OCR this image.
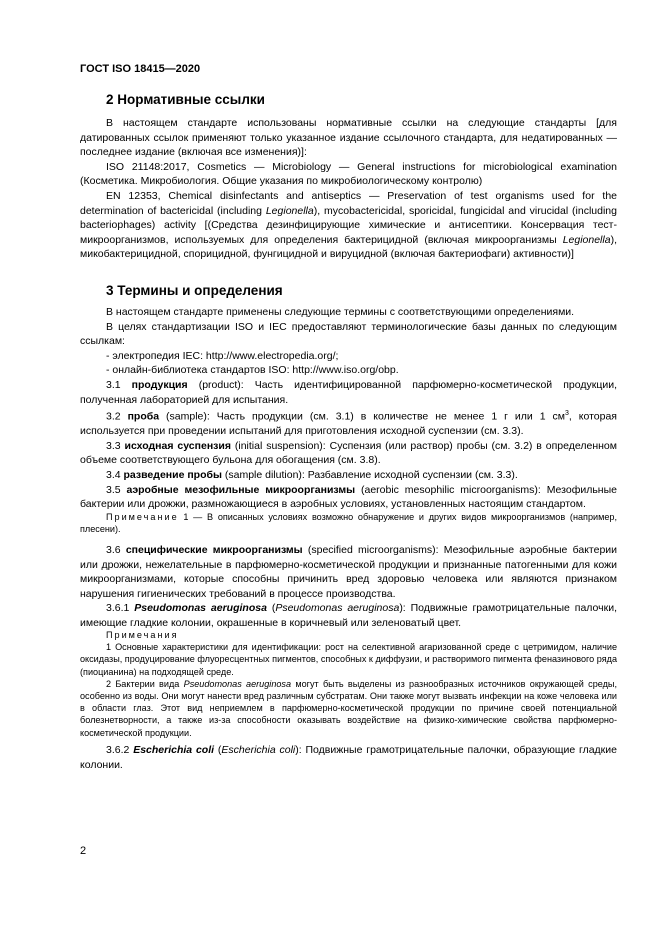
ГОСТ ISO 18415—2020
2 Нормативные ссылки

В настоящем стандарте использованы нормативные ссылки на следующие стандарты [для датированных ссылок применяют только указанное издание ссылочного стандарта, для недатированных — последнее издание (включая все изменения)]:

ISO 21148:2017, Cosmetics — Microbiology — General instructions for microbiological examination (Косметика. Микробиология. Общие указания по микробиологическому контролю)

EN 12353, Chemical disinfectants and antiseptics — Preservation of test organisms used for the determination of bactericidal (including Legionella), mycobactericidal, sporicidal, fungicidal and virucidal (including bacteriophages) activity [(Средства дезинфицирующие химические и антисептики. Консервация тест-микроорганизмов, используемых для определения бактерицидной (включая микроорганизмы Legionella), микобактерицидной, спорицидной, фунгицидной и вируцидной (включая бактериофаги) активности)]

3 Термины и определения

В настоящем стандарте применены следующие термины с соответствующими определениями.

В целях стандартизации ISO и IEC предоставляют терминологические базы данных по следующим ссылкам:

- электропедия IEC: http://www.electropedia.org/;

- онлайн-библиотека стандартов ISO: http://www.iso.org/obp.

3.1 продукция (product): Часть идентифицированной парфюмерно-косметической продукции, полученная лабораторией для испытания.

3.2 проба (sample): Часть продукции (см. 3.1) в количестве не менее 1 г или 1 $см^3$, которая используется при проведении испытаний для приготовления исходной суспензии (см. 3.3).

3.3 исходная суспензия (initial suspension): Суспензия (или раствор) пробы (см. 3.2) в определенном объеме соответствующего бульона для обогащения (см. 3.8).

3.4 разведение пробы (sample dilution): Разбавление исходной суспензии (см. 3.3).

3.5 аэробные мезофильные микроорганизмы (aerobic mesophilic microorganisms): Мезофильные бактерии или дрожжи, размножающиеся в аэробных условиях, установленных настоящим стандартом.

Примечание 1 — В описанных условиях возможно обнаружение и других видов микроорганизмов (например, плесени).

3.6 специфические микроорганизмы (specified microorganisms): Мезофильные аэробные бактерии или дрожжи, нежелательные в парфюмерно-косметической продукции и признанные патогенными для кожи микроорганизмами, которые способны причинить вред здоровью человека или являются признаком нарушения гигиенических требований в процессе производства.

3.6.1 Pseudomonas aeruginosa (Pseudomonas aeruginosa): Подвижные грамотрицательные палочки, имеющие гладкие колонии, окрашенные в коричневый или зеленоватый цвет.

Примечания

1 Основные характеристики для идентификации: рост на селективной агаризованной среде с цетримидом, наличие оксидазы, продуцирование флуоресцентных пигментов, способных к диффузии, и растворимого пигмента феназинового ряда (пиоцианина) на подходящей среде.

2 Бактерии вида Pseudomonas aeruginosa могут быть выделены из разнообразных источников окружающей среды, особенно из воды. Они могут нанести вред различным субстратам. Они также могут вызвать инфекции на коже человека или в области глаз. Этот вид неприемлем в парфюмерно-косметической продукции по причине своей потенциальной болезнетворности, а также из-за способности оказывать воздействие на физико-химические свойства парфюмерно-косметической продукции.

3.6.2 Escherichia coli (Escherichia coli): Подвижные грамотрицательные палочки, образующие гладкие колонии.

2
